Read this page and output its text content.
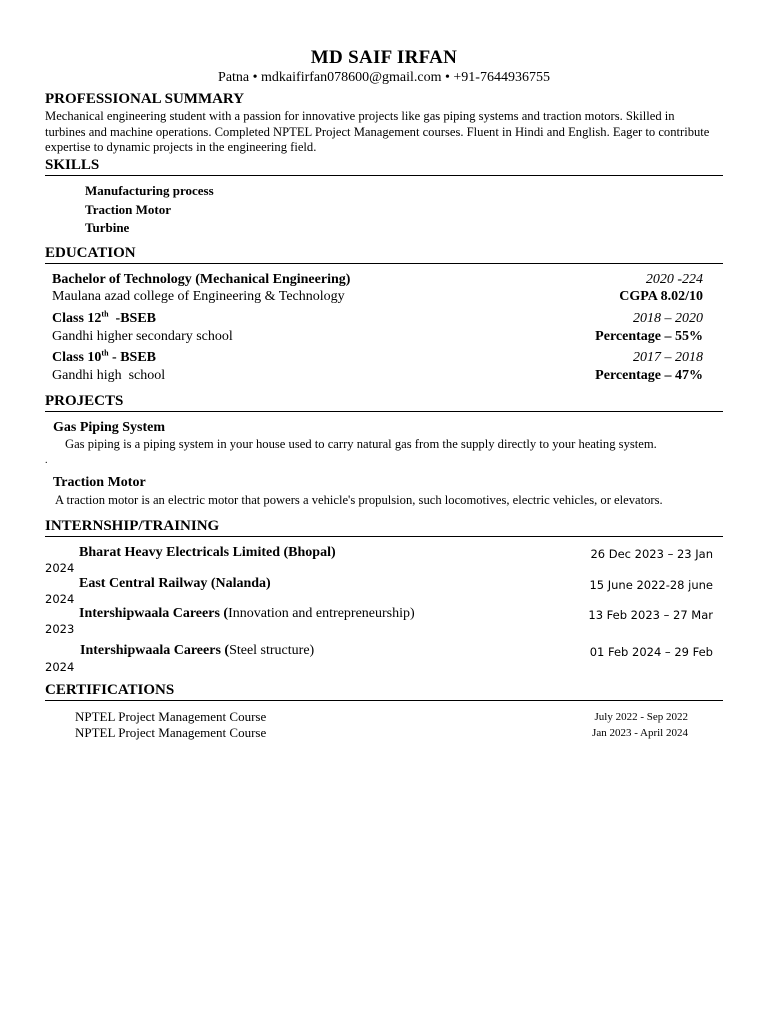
MD SAIF IRFAN
Patna • mdkaifirfan078600@gmail.com • +91-7644936755
PROFESSIONAL SUMMARY
Mechanical engineering student with a passion for innovative projects like gas piping systems and traction motors. Skilled in turbines and machine operations. Completed NPTEL Project Management courses. Fluent in Hindi and English. Eager to contribute expertise to dynamic projects in the engineering field.
SKILLS
Manufacturing process
Traction Motor
Turbine
EDUCATION
Bachelor of Technology (Mechanical Engineering)	2020 -224
Maulana azad college of Engineering & Technology	CGPA 8.02/10
Class 12th  -BSEB	2018 – 2020
Gandhi higher secondary school	Percentage – 55%
Class 10th - BSEB	2017 – 2018
Gandhi high  school	Percentage – 47%
PROJECTS
Gas Piping System
Gas piping is a piping system in your house used to carry natural gas from the supply directly to your heating system.
.
Traction Motor
A traction motor is an electric motor that powers a vehicle's propulsion, such locomotives, electric vehicles, or elevators.
INTERNSHIP/TRAINING
Bharat Heavy Electricals Limited (Bhopal)	26 Dec 2023 – 23 Jan
2024
East Central Railway (Nalanda)	15 June 2022-28 june
2024
Intershipwaala Careers (Innovation and entrepreneurship)	13 Feb 2023 – 27 Mar
2023
Intershipwaala Careers (Steel structure)	01 Feb 2024 – 29 Feb
2024
CERTIFICATIONS
NPTEL Project Management Course	July 2022 - Sep 2022
NPTEL Project Management Course	Jan 2023 - April 2024
